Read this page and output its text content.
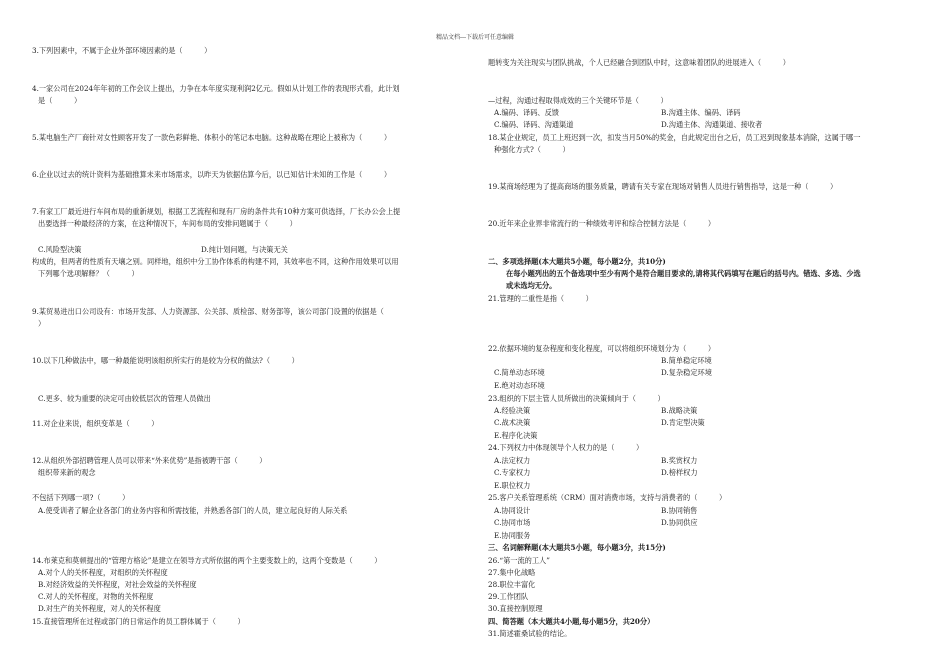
精品文档---下载后可任意编辑
3.下列因素中，不属于企业外部环境因素的是（　　　）
4.一家公司在2024年年初的工作会议上提出，力争在本年度实现利润2亿元。假如从计划工作的表现形式看，此计划
是（　　　）
5.某电脑生产厂商针对女性顾客开发了一款色彩鲜艳、体积小的笔记本电脑。这种战略在理论上被称为（　　　）
6.企业以过去的统计资料为基础推算未来市场需求，以昨天为依据估算今后，以已知估计未知的工作是（　　　）
7.有家工厂最近进行车间布局的重新规划，根据工艺流程和现有厂房的条件共有10种方案可供选择，厂长办公会上提
出要选择一种最经济的方案，在这种情况下，车间布局的安排问题属于（　　　）
C.风险型决策	D.纯计划问题，与决策无关
构成的，但两者的性质有天壤之别。同样地，组织中分工协作体系的构建不同，其效率也不同，这种作用效果可以用
下列哪个选项解释？（　　　）
9.某贸易进出口公司设有：市场开发部、人力资源部、公关部、质检部、财务部等，该公司部门设置的依据是（
）
10.以下几种做法中，哪一种最能说明该组织所实行的是较为分权的做法?（　　　）
C.更多、较为重要的决定可由较低层次的管理人员做出
11.对企业来说，组织变革是（　　　）
12.从组织外部招聘管理人员可以带来“外来优势”是指被聘干部（　　　）
组织带来新的观念
不包括下列哪一项?（　　　）
A.使受训者了解企业各部门的业务内容和所需技能，并熟悉各部门的人员，建立起良好的人际关系
14.布莱克和莫顿提出的“管理方格论”是建立在领导方式所依据的两个主要变数上的，这两个变数是（　　　）
A.对个人的关怀程度，对组织的关怀程度
B.对经济效益的关怀程度，对社会效益的关怀程度
C.对人的关怀程度，对物的关怀程度
D.对生产的关怀程度，对人的关怀程度
15.直接管理所在过程或部门的日常运作的员工群体属于（　　　）
题转变为关注现实与团队挑战，个人已经融合到团队中时，这意味着团队的进展进入（　　　）
—过程，沟通过程取得成效的三个关键环节是（　　　）
A.编码、译码、反馈	B.沟通主体、编码、译码
C.编码、译码、沟通渠道	D.沟通主体、沟通渠道、接收者
18.某企业规定，员工上班迟到一次，扣发当月50%的奖金，自此规定出台之后，员工迟到现象基本消除，这属于哪一
种强化方式?（　　　）
19.某商场经理为了提高商场的服务质量，聘请有关专家在现场对销售人员进行销售指导，这是一种（　　　）
20.近年来企业界非常流行的一种绩效考评和综合控制方法是（　　　）
二、多项选择题(本大题共5小题，每小题2分，共10分)
在每小题列出的五个备选项中至少有两个是符合题目要求的,请将其代码填写在题后的括号内。错选、多选、少选
或未选均无分。
21.管理的二重性是指（　　　）
22.依据环境的复杂程度和变化程度，可以将组织环境划分为（　　　）
B.简单稳定环境
C.简单动态环境	D.复杂稳定环境
E.绝对动态环境
23.组织的下层主管人员所做出的决策倾向于（　　　）
A.经验决策	B.战略决策
C.战术决策	D.肯定型决策
E.程序化决策
24.下列权力中体现领导个人权力的是（　　　）
A.法定权力	B.奖赏权力
C.专家权力	D.榜样权力
E.职位权力
25.客户关系管理系统（CRM）面对消费市场，支持与消费者的（　　　）
A.协同设计	B.协同销售
C.协同市场	D.协同供应
E.协同服务
三、名词解释题(本大题共5小题，每小题3分，共15分)
26.“第一流的工人”
27.集中化战略
28.职位丰富化
29.工作团队
30.直接控制原理
四、简答题（本大题共4小题,每小题5分，共20分）
31.简述霍桑试验的结论。
